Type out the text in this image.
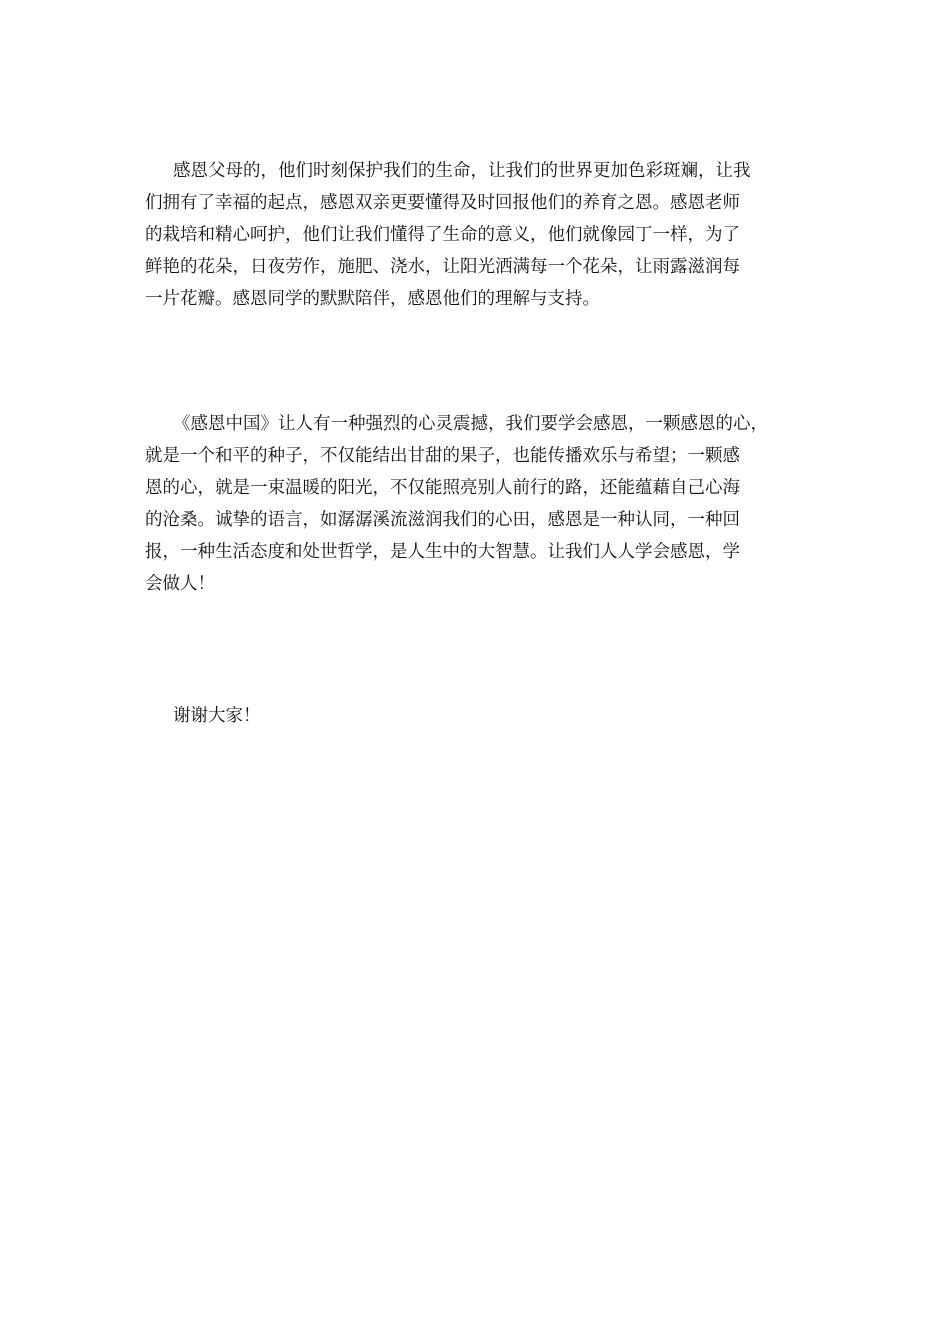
感恩父母的，他们时刻保护我们的生命，让我们的世界更加色彩斑斓，让我
们拥有了幸福的起点，感恩双亲更要懂得及时回报他们的养育之恩。感恩老师
的栽培和精心呵护，他们让我们懂得了生命的意义，他们就像园丁一样，为了
鲜艳的花朵，日夜劳作，施肥、浇水，让阳光洒满每一个花朵，让雨露滋润每
一片花瓣。感恩同学的默默陪伴，感恩他们的理解与支持。
《感恩中国》让人有一种强烈的心灵震撼，我们要学会感恩，一颗感恩的心，
就是一个和平的种子，不仅能结出甘甜的果子，也能传播欢乐与希望；一颗感
恩的心，就是一束温暖的阳光，不仅能照亮别人前行的路，还能蕴藉自己心海
的沧桑。诚挚的语言，如潺潺溪流滋润我们的心田，感恩是一种认同，一种回
报，一种生活态度和处世哲学，是人生中的大智慧。让我们人人学会感恩，学
会做人！
谢谢大家！
